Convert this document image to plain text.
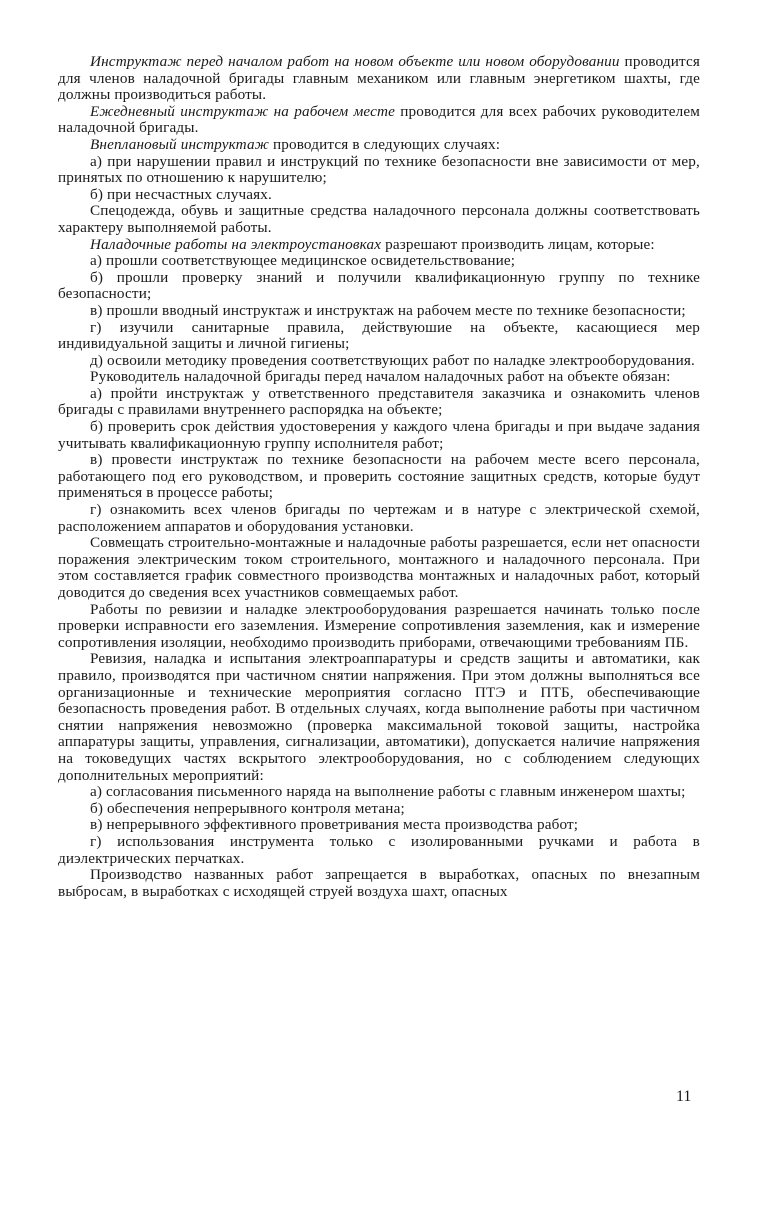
Инструктаж перед началом работ на новом объекте или новом оборудовании проводится для членов наладочной бригады главным механиком или главным энергетиком шахты, где должны производиться работы.

Ежедневный инструктаж на рабочем месте проводится для всех рабочих руководителем наладочной бригады.

Внеплановый инструктаж проводится в следующих случаях:

а) при нарушении правил и инструкций по технике безопасности вне зависимости от мер, принятых по отношению к нарушителю;

б) при несчастных случаях.

Спецодежда, обувь и защитные средства наладочного персонала должны соответствовать характеру выполняемой работы.

Наладочные работы на электроустановках разрешают производить лицам, которые:

а) прошли соответствующее медицинское освидетельствование;

б) прошли проверку знаний и получили квалификационную группу по технике безопасности;

в) прошли вводный инструктаж и инструктаж на рабочем месте по технике безопасности;

г) изучили санитарные правила, действуюшие на объекте, касающиеся мер индивидуальной защиты и личной гигиены;

д) освоили методику проведения соответствующих работ по наладке электрооборудования.

Руководитель наладочной бригады перед началом наладочных работ на объекте обязан:

а) пройти инструктаж у ответственного представителя заказчика и ознакомить членов бригады с правилами внутреннего распорядка на объекте;

б) проверить срок действия удостоверения у каждого члена бригады и при выдаче задания учитывать квалификационную группу исполнителя работ;

в) провести инструктаж по технике безопасности на рабочем месте всего персонала, работающего под его руководством, и проверить состояние защитных средств, которые будут применяться в процессе работы;

г) ознакомить всех членов бригады по чертежам и в натуре с электрической схемой, расположением аппаратов и оборудования установки.

Совмещать строительно-монтажные и наладочные работы разрешается, если нет опасности поражения электрическим током строительного, монтажного и наладочного персонала. При этом составляется график совместного производства монтажных и наладочных работ, который доводится до сведения всех участников совмещаемых работ.

Работы по ревизии и наладке электрооборудования разрешается начинать только после проверки исправности его заземления. Измерение сопротивления заземления, как и измерение сопротивления изоляции, необходимо производить приборами, отвечающими требованиям ПБ.

Ревизия, наладка и испытания электроаппаратуры и средств защиты и автоматики, как правило, производятся при частичном снятии напряжения. При этом должны выполняться все организационные и технические мероприятия согласно ПТЭ и ПТБ, обеспечивающие безопасность проведения работ. В отдельных случаях, когда выполнение работы при частичном снятии напряжения невозможно (проверка максимальной токовой защиты, настройка аппаратуры защиты, управления, сигнализации, автоматики), допускается наличие напряжения на токоведущих частях вскрытого электрооборудования, но с соблюдением следующих дополнительных мероприятий:

а) согласования письменного наряда на выполнение работы с главным инженером шахты;

б) обеспечения непрерывного контроля метана;

в) непрерывного эффективного проветривания места производства работ;

г) использования инструмента только с изолированными ручками и работа в диэлектрических перчатках.

Производство названных работ запрещается в выработках, опасных по внезапным выбросам, в выработках с исходящей струей воздуха шахт, опасных

11
